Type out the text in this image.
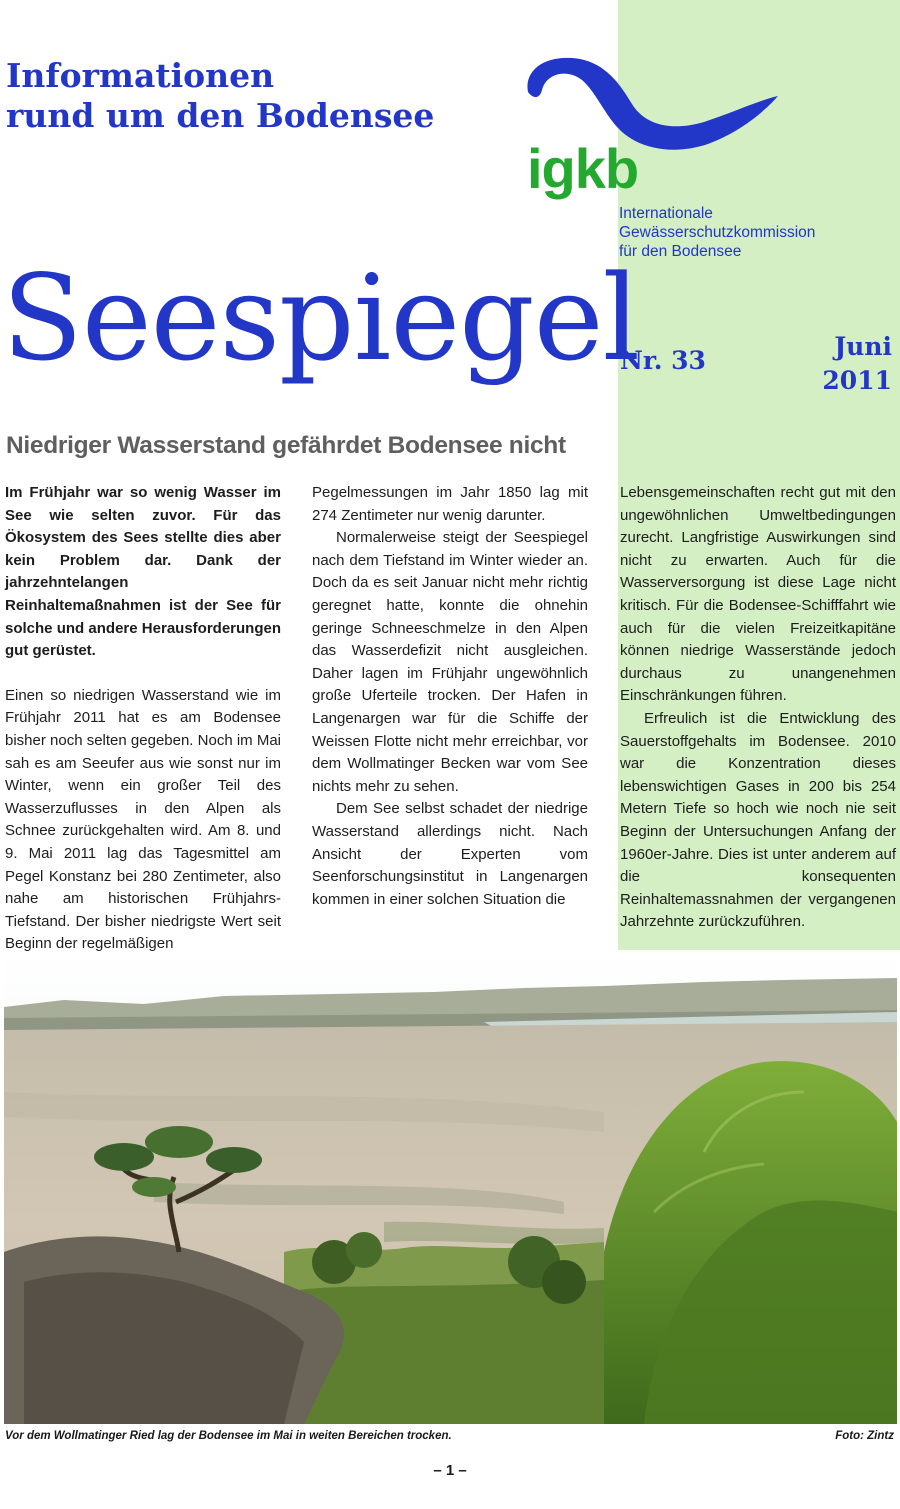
Informationen
rund um den Bodensee
igkb
Internationale
Gewässerschutzkommission
für den Bodensee
Seespiegel
Nr. 33	Juni
2011
Niedriger Wasserstand gefährdet Bodensee nicht

Im Frühjahr war so wenig Wasser im See wie selten zuvor. Für das Ökosystem des Sees stellte dies aber kein Problem dar. Dank der jahrzehntelangen Reinhaltemaßnahmen ist der See für solche und andere Herausforderungen gut gerüstet.

Einen so niedrigen Wasserstand wie im Frühjahr 2011 hat es am Bodensee bisher noch selten gegeben. Noch im Mai sah es am Seeufer aus wie sonst nur im Winter, wenn ein großer Teil des Wasserzuflusses in den Alpen als Schnee zurückgehalten wird. Am 8. und 9. Mai 2011 lag das Tagesmittel am Pegel Konstanz bei 280 Zentimeter, also nahe am historischen Frühjahrs-Tiefstand. Der bisher niedrigste Wert seit Beginn der regelmäßigen

Pegelmessungen im Jahr 1850 lag mit 274 Zentimeter nur wenig darunter.

Normalerweise steigt der Seespiegel nach dem Tiefstand im Winter wieder an. Doch da es seit Januar nicht mehr richtig geregnet hatte, konnte die ohnehin geringe Schneeschmelze in den Alpen das Wasserdefizit nicht ausgleichen. Daher lagen im Frühjahr ungewöhnlich große Uferteile trocken. Der Hafen in Langenargen war für die Schiffe der Weissen Flotte nicht mehr erreichbar, vor dem Wollmatinger Becken war vom See nichts mehr zu sehen.

Dem See selbst schadet der niedrige Wasserstand allerdings nicht. Nach Ansicht der Experten vom Seenforschungsinstitut in Langenargen kommen in einer solchen Situation die

Lebensgemeinschaften recht gut mit den ungewöhnlichen Umweltbedingungen zurecht. Langfristige Auswirkungen sind nicht zu erwarten. Auch für die Wasserversorgung ist diese Lage nicht kritisch. Für die Bodensee-Schifffahrt wie auch für die vielen Freizeitkapitäne können niedrige Wasserstände jedoch durchaus zu unangenehmen Einschränkungen führen.

Erfreulich ist die Entwicklung des Sauerstoffgehalts im Bodensee. 2010 war die Konzentration dieses lebenswichtigen Gases in 200 bis 254 Metern Tiefe so hoch wie noch nie seit Beginn der Untersuchungen Anfang der 1960er-Jahre. Dies ist unter anderem auf die konsequenten Reinhaltemassnahmen der vergangenen Jahrzehnte zurückzuführen.

Vor dem Wollmatinger Ried lag der Bodensee im Mai in weiten Bereichen trocken.	Foto: Zintz
– 1 –
